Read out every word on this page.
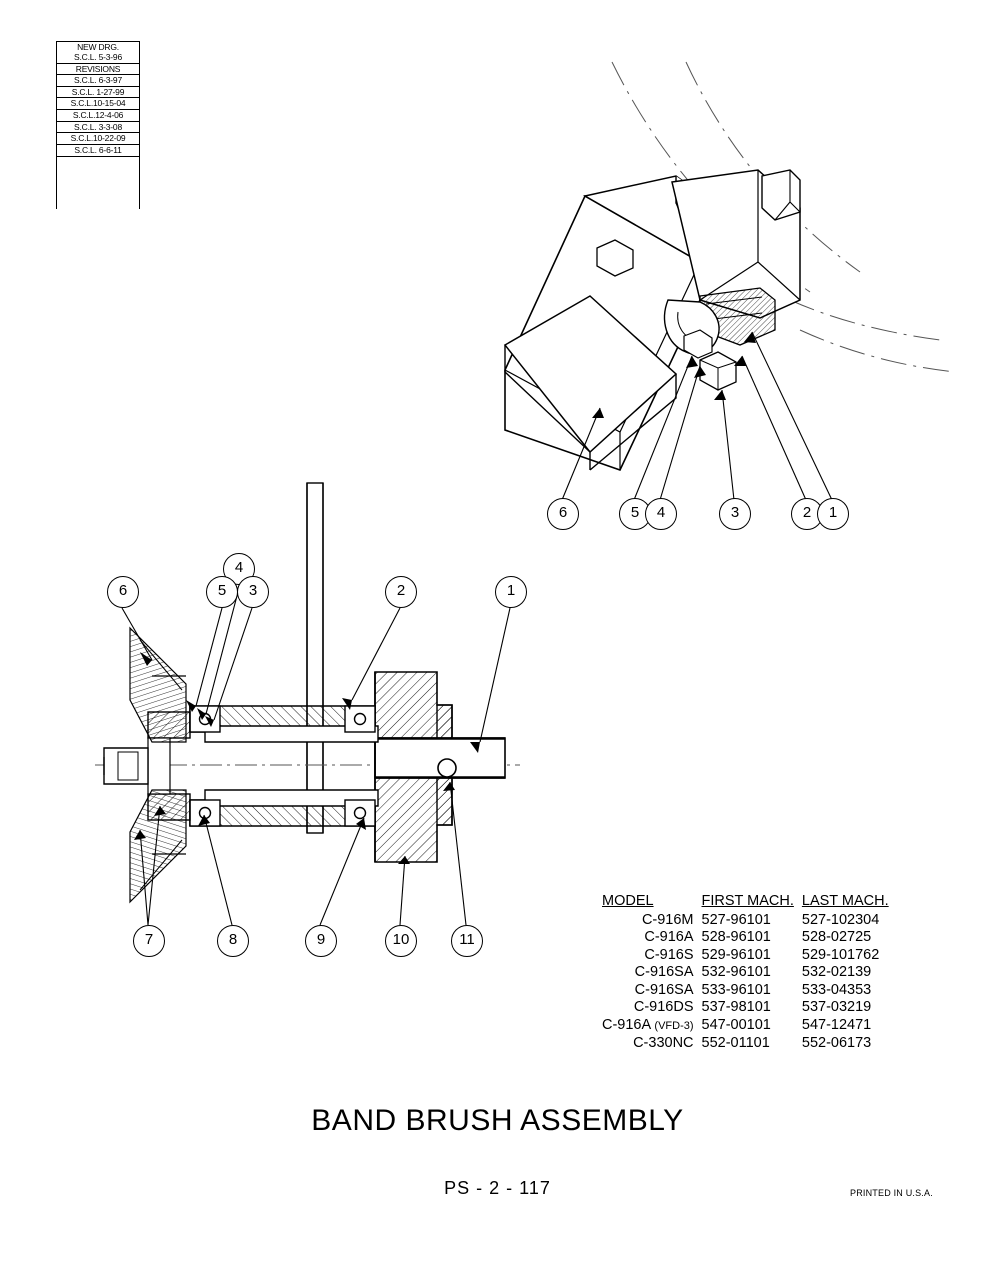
NEW DRG.
S.C.L. 5-3-96
REVISIONS
S.C.L. 6-3-97
S.C.L. 1-27-99
S.C.L.10-15-04
S.C.L.12-4-06
S.C.L. 3-3-08
S.C.L.10-22-09
S.C.L. 6-6-11
6	5	4	3	2	1
6
4
5	3	2	1
7	8	9	10	11
MODEL	FIRST MACH.	LAST MACH.
C-916M	527-96101	527-102304
C-916A	528-96101	528-02725
C-916S	529-96101	529-101762
C-916SA	532-96101	532-02139
C-916SA	533-96101	533-04353
C-916DS	537-98101	537-03219
C-916A (VFD-3)	547-00101	547-12471
C-330NC	552-01101	552-06173
BAND BRUSH ASSEMBLY
PS - 2 - 117	PRINTED IN U.S.A.
